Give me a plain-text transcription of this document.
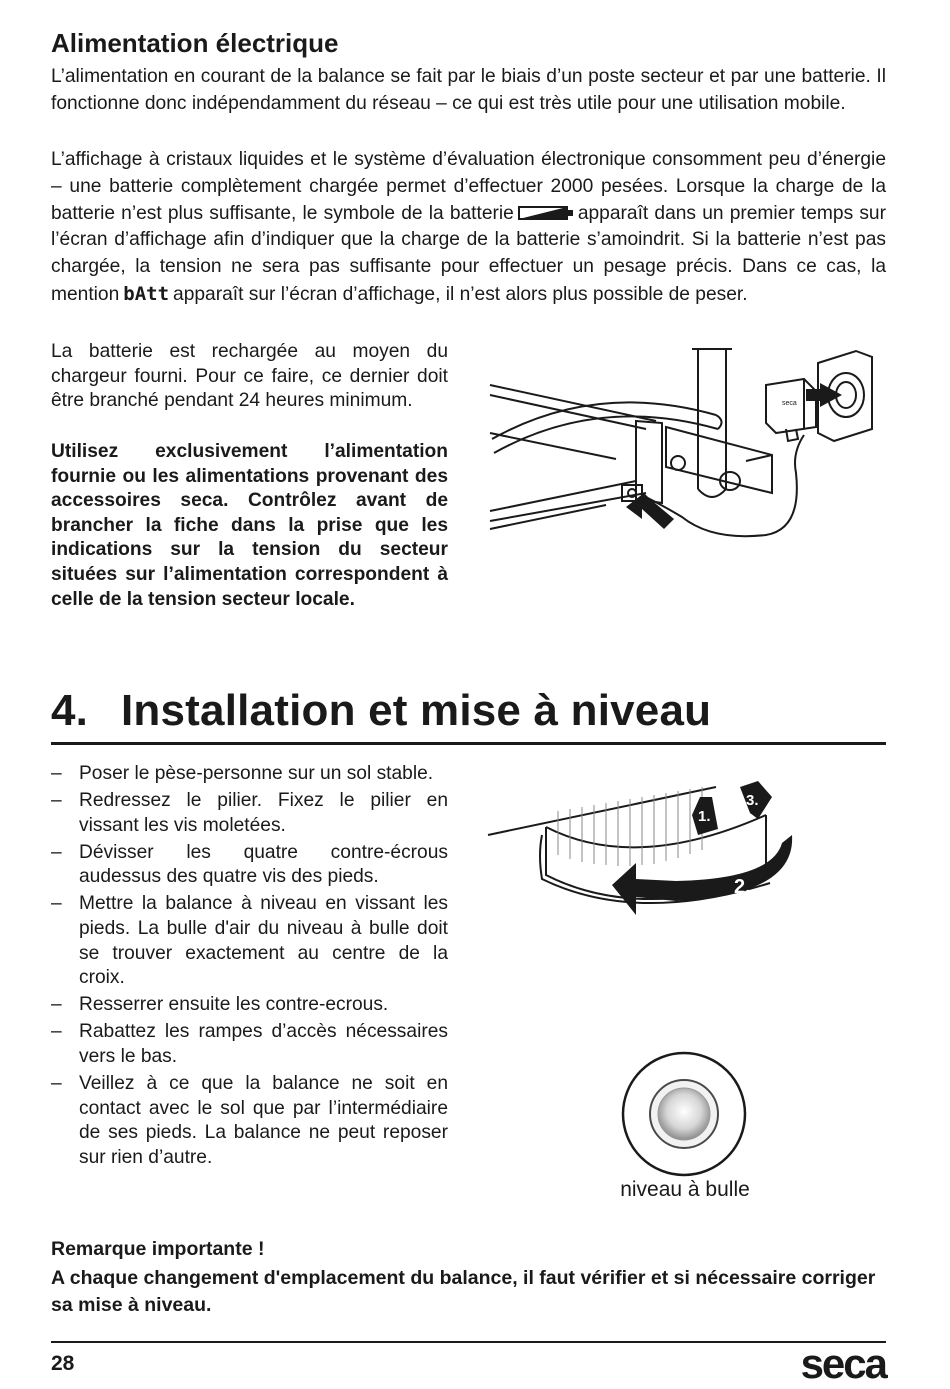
Alimentation électrique

L’alimentation en courant de la balance se fait par le biais d’un poste secteur et par une batterie. Il fonctionne donc indépendamment du réseau – ce qui est très utile pour une utilisation mobile.

L’affichage à cristaux liquides et le système d’évaluation électronique consomment peu d’énergie – une batterie complètement chargée permet d’effectuer 2000 pesées. Lorsque la charge de la batterie n’est plus suffisante, le symbole de la batterie	apparaît dans un premier temps sur l’écran d’affichage afin d’indiquer que la charge de la batterie s’amoindrit. Si la batterie n’est pas chargée, la tension ne sera pas suffisante pour effectuer un pesage précis. Dans ce cas, la mention bAtt apparaît sur l’écran d’affichage, il n’est alors plus possible de peser.

La batterie est rechargée au moyen du chargeur fourni. Pour ce faire, ce dernier doit être branché pendant 24 heures minimum.

Utilisez exclusivement l’alimentation fournie ou les alimentations provenant des accessoires seca. Contrôlez avant de brancher la fiche dans la prise que les indications sur la tension du secteur situées sur l’alimentation correspondent à celle de la tension secteur locale.

seca
4. Installation et mise à niveau
– Poser le pèse-personne sur un sol stable.
– Redressez le pilier. Fixez le pilier en vissant les vis moletées.
– Dévisser les quatre contre-écrous audessus des quatre vis des pieds.
– Mettre la balance à niveau en vissant les pieds. La bulle d'air du niveau à bulle doit se trouver exactement au centre de la croix.
– Resserrer ensuite les contre-ecrous.
– Rabattez les rampes d’accès nécessaires vers le bas.
– Veillez à ce que la balance ne soit en contact avec le sol que par l’intermédiaire de ses pieds. La balance ne peut reposer sur rien d’autre.
2.
1.
3.
niveau à bulle

Remarque importante !

A chaque changement d'emplacement du balance, il faut vérifier et si nécessaire corriger sa mise à niveau.

28	seca
